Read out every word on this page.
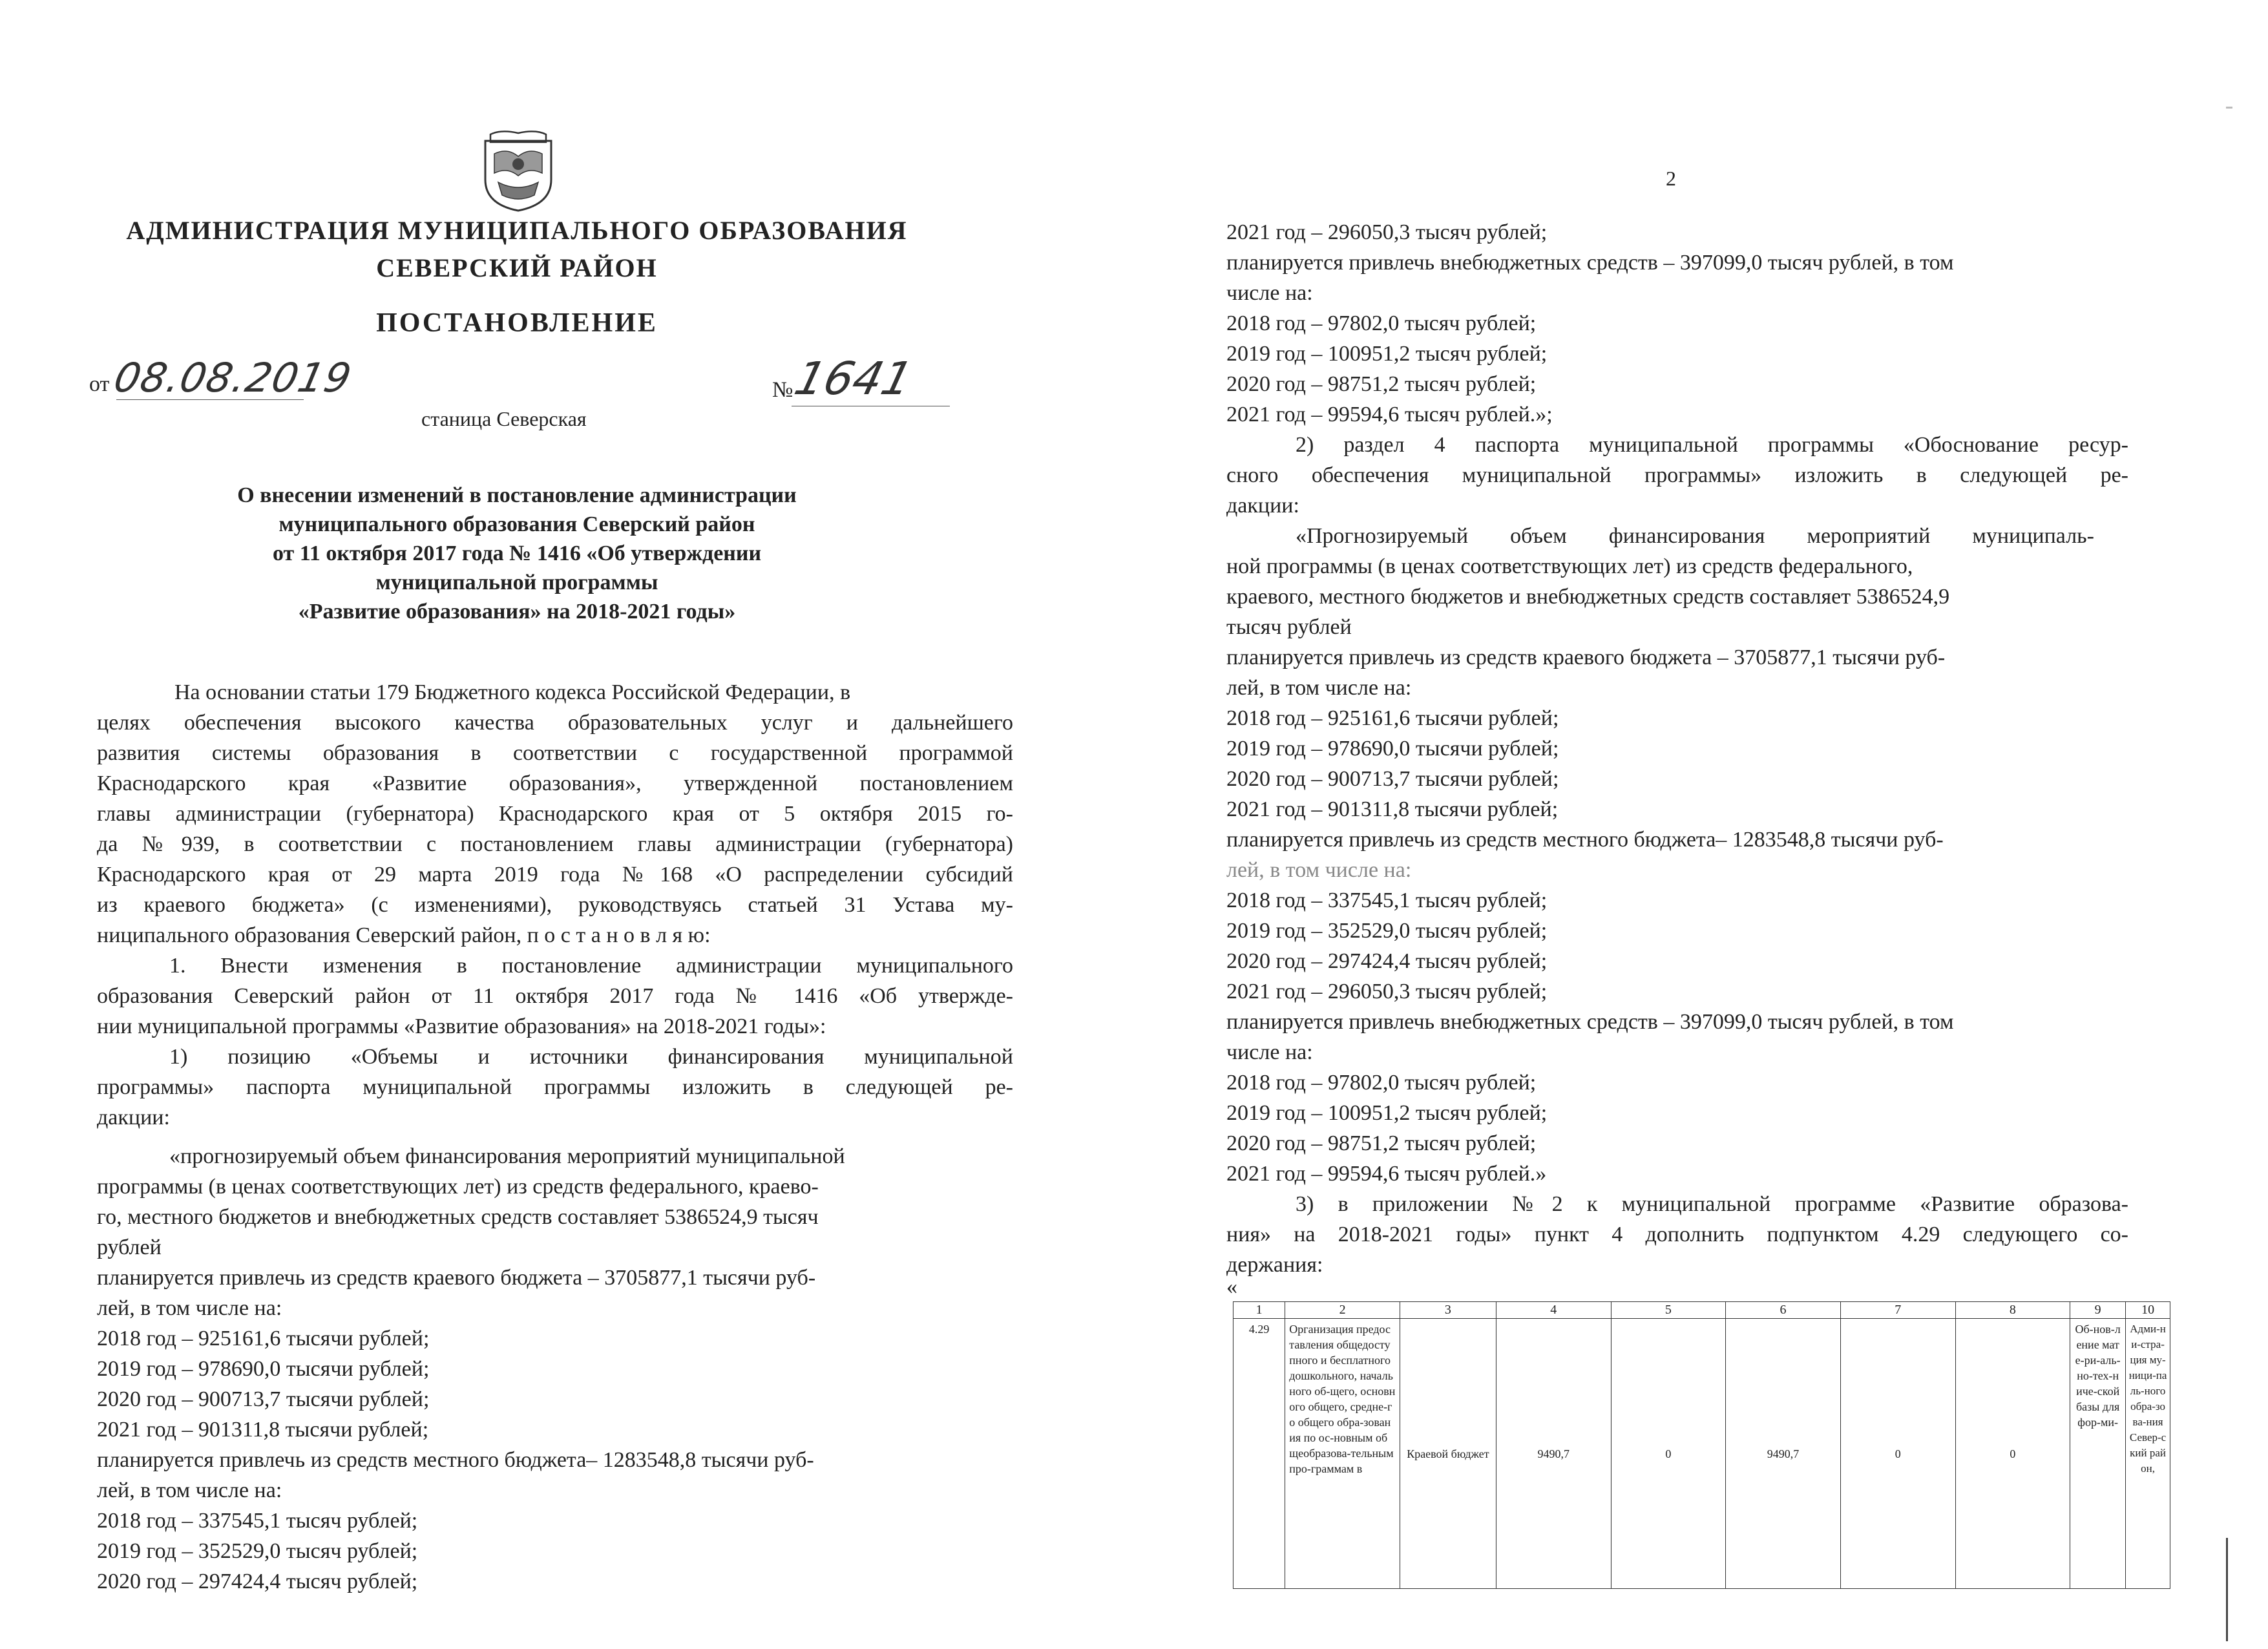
АДМИНИСТРАЦИЯ МУНИЦИПАЛЬНОГО ОБРАЗОВАНИЯ
СЕВЕРСКИЙ РАЙОН
ПОСТАНОВЛЕНИЕ
от 08.08.2019	№
1641
станица Северская
О внесении изменений в постановление администрации
муниципального образования Северский район
от 11 октября 2017 года № 1416 «Об утверждении
муниципальной программы
«Развитие образования» на 2018-2021 годы»
На основании статьи 179 Бюджетного кодекса Российской Федерации, в
целях обеспечения высокого качества образовательных услуг и дальнейшего
развития системы образования в соответствии с государственной программой
Краснодарского края «Развитие образования», утвержденной постановлением
главы администрации (губернатора) Краснодарского края от 5 октября 2015 го-
да №939, в соответствии с постановлением главы администрации (губернатора)
Краснодарского края от 29 марта 2019 года №168 «О распределении субсидий
из краевого бюджета» (с изменениями), руководствуясь статьей 31 Устава му-
ниципального образования Северский район, п о с т а н о в л я ю:
1. Внести изменения в постановление администрации муниципального
образования Северский район от 11 октября 2017 года № 1416 «Об утвержде-
нии муниципальной программы «Развитие образования» на 2018-2021 годы»:
1) позицию «Объемы и источники финансирования муниципальной
программы» паспорта муниципальной программы изложить в следующей ре-
дакции:
«прогнозируемый объем финансирования мероприятий муниципальной
программы (в ценах соответствующих лет) из средств федерального, краево-
го, местного бюджетов и внебюджетных средств составляет 5386524,9 тысяч
рублей
планируется привлечь из средств краевого бюджета – 3705877,1 тысячи руб-
лей, в том числе на:
2018 год – 925161,6 тысячи рублей;
2019 год – 978690,0 тысячи рублей;
2020 год – 900713,7 тысячи рублей;
2021 год – 901311,8 тысячи рублей;
планируется привлечь из средств местного бюджета– 1283548,8 тысячи руб-
лей, в том числе на:
2018 год – 337545,1 тысяч рублей;
2019 год – 352529,0 тысяч рублей;
2020 год – 297424,4 тысяч рублей;
2
2021 год – 296050,3 тысяч рублей;
планируется привлечь внебюджетных средств – 397099,0 тысяч рублей, в том
числе на:
2018 год – 97802,0 тысяч рублей;
2019 год – 100951,2 тысяч рублей;
2020 год – 98751,2 тысяч рублей;
2021 год – 99594,6 тысяч рублей.»;
2) раздел 4 паспорта муниципальной программы «Обоснование ресур-
сного обеспечения муниципальной программы» изложить в следующей ре-
дакции:
«Прогнозируемый объем финансирования мероприятий муниципаль-
ной программы (в ценах соответствующих лет) из средств федерального,
краевого, местного бюджетов и внебюджетных средств составляет 5386524,9
тысяч рублей
планируется привлечь из средств краевого бюджета – 3705877,1 тысячи руб-
лей, в том числе на:
2018 год – 925161,6 тысячи рублей;
2019 год – 978690,0 тысячи рублей;
2020 год – 900713,7 тысячи рублей;
2021 год – 901311,8 тысячи рублей;
планируется привлечь из средств местного бюджета– 1283548,8 тысячи руб-
лей, в том числе на:
2018 год – 337545,1 тысяч рублей;
2019 год – 352529,0 тысяч рублей;
2020 год – 297424,4 тысяч рублей;
2021 год – 296050,3 тысяч рублей;
планируется привлечь внебюджетных средств – 397099,0 тысяч рублей, в том
числе на:
2018 год – 97802,0 тысяч рублей;
2019 год – 100951,2 тысяч рублей;
2020 год – 98751,2 тысяч рублей;
2021 год – 99594,6 тысяч рублей.»
3) в приложении №2 к муниципальной программе «Развитие образова-
ния» на 2018-2021 годы» пункт 4 дополнить подпунктом 4.29 следующего со-
держания:
«
1	2	3	4	5	6	7	8	9	10
4.29	Организация предоставления общедоступного и бесплатного дошкольного, начального об-щего, основного общего, средне-го общего обра-зования по ос-новным общеобразова-тельным про-граммам в	Краевой бюджет	9490,7	0	9490,7	0	0	Об-нов-ление мате-ри-аль-но-тех-ниче-ской базы для фор-ми-	Адми-ни-стра-ция му-ници-паль-ного обра-зова-ния Север-ский район,
